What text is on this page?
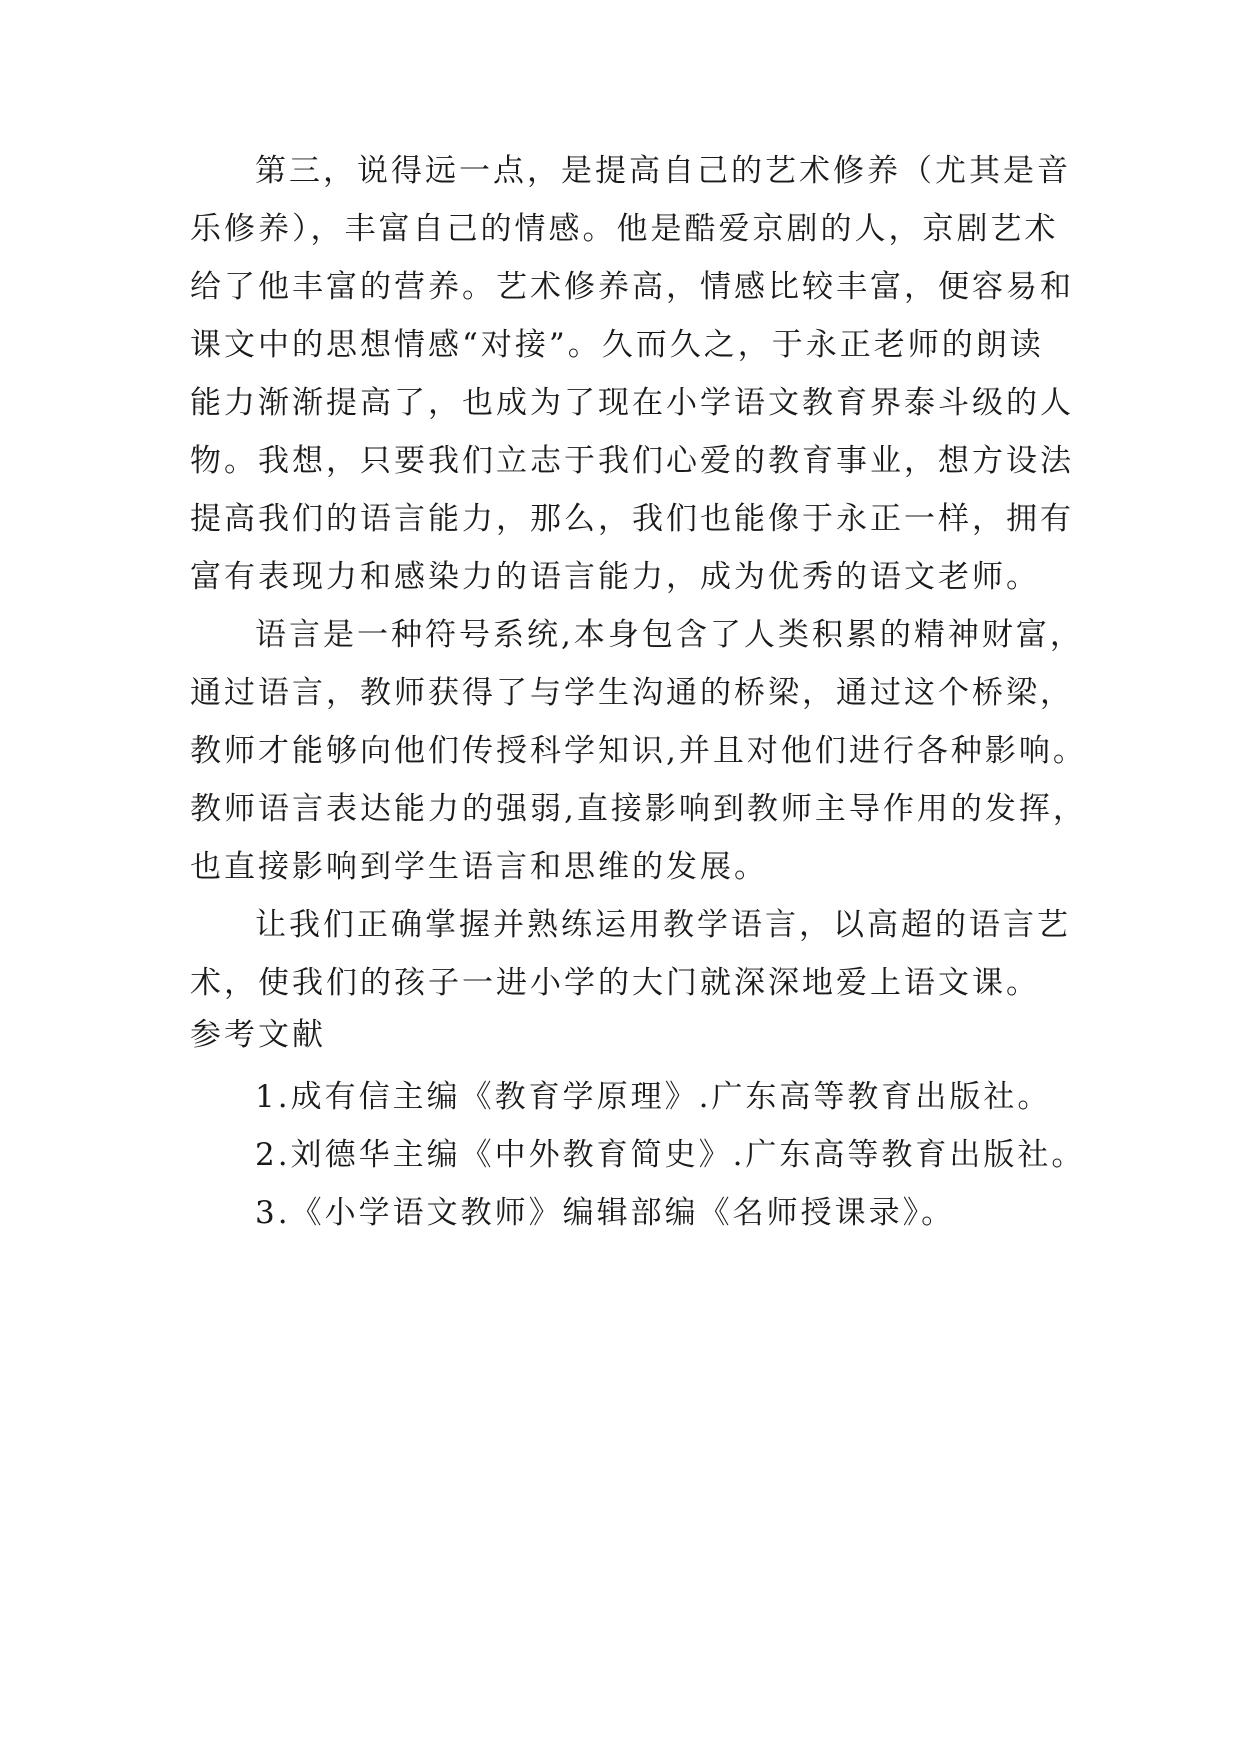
第三，说得远一点，是提高自己的艺术修养（尤其是音
乐修养），丰富自己的情感。他是酷爱京剧的人，京剧艺术
给了他丰富的营养。艺术修养高，情感比较丰富，便容易和
课文中的思想情感“对接”。久而久之，于永正老师的朗读
能力渐渐提高了，也成为了现在小学语文教育界泰斗级的人
物。我想，只要我们立志于我们心爱的教育事业，想方设法
提高我们的语言能力，那么，我们也能像于永正一样，拥有
富有表现力和感染力的语言能力，成为优秀的语文老师。
语言是一种符号系统,本身包含了人类积累的精神财富，
通过语言，教师获得了与学生沟通的桥梁，通过这个桥梁，
教师才能够向他们传授科学知识,并且对他们进行各种影响。
教师语言表达能力的强弱,直接影响到教师主导作用的发挥，
也直接影响到学生语言和思维的发展。
让我们正确掌握并熟练运用教学语言，以高超的语言艺
术，使我们的孩子一进小学的大门就深深地爱上语文课。
参考文献
1.成有信主编《教育学原理》.广东高等教育出版社。
2.刘德华主编《中外教育简史》.广东高等教育出版社。
3.《小学语文教师》编辑部编《名师授课录》。
